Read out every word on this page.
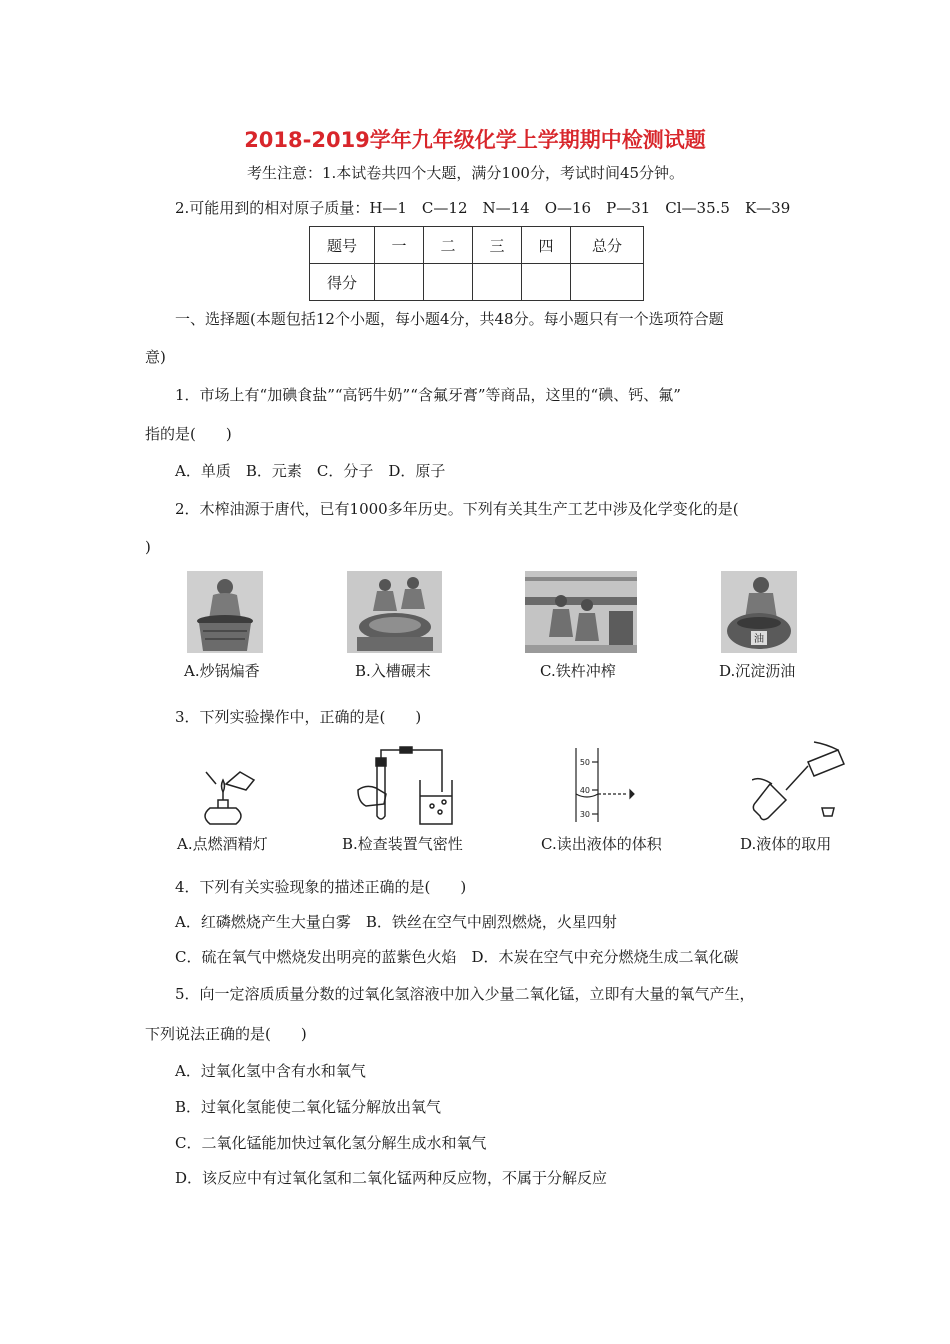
2018-2019学年九年级化学上学期期中检测试题
考生注意：1.本试卷共四个大题，满分100分，考试时间45分钟。
2.可能用到的相对原子质量：H—1　C—12　N—14　O—16　P—31　Cl—35.5　K—39
题号	一	二	三	四	总分
得分					
一、选择题(本题包括12个小题，每小题4分，共48分。每小题只有一个选项符合题
意)
1．市场上有“加碘食盐”“高钙牛奶”“含氟牙膏”等商品，这里的“碘、钙、氟”
指的是(　　)
A．单质　B．元素　C．分子　D．原子
2．木榨油源于唐代，已有1000多年历史。下列有关其生产工艺中涉及化学变化的是(
)
油
A.炒锅煸香	B.入槽碾末	C.铁杵冲榨	D.沉淀沥油
3．下列实验操作中，正确的是(　　)
50
40
30
A.点燃酒精灯	B.检查装置气密性	C.读出液体的体积	D.液体的取用
4．下列有关实验现象的描述正确的是(　　)
A．红磷燃烧产生大量白雾　B．铁丝在空气中剧烈燃烧，火星四射
C．硫在氧气中燃烧发出明亮的蓝紫色火焰　D．木炭在空气中充分燃烧生成二氧化碳
5．向一定溶质质量分数的过氧化氢溶液中加入少量二氧化锰，立即有大量的氧气产生，
下列说法正确的是(　　)
A．过氧化氢中含有水和氧气
B．过氧化氢能使二氧化锰分解放出氧气
C．二氧化锰能加快过氧化氢分解生成水和氧气
D．该反应中有过氧化氢和二氧化锰两种反应物，不属于分解反应
